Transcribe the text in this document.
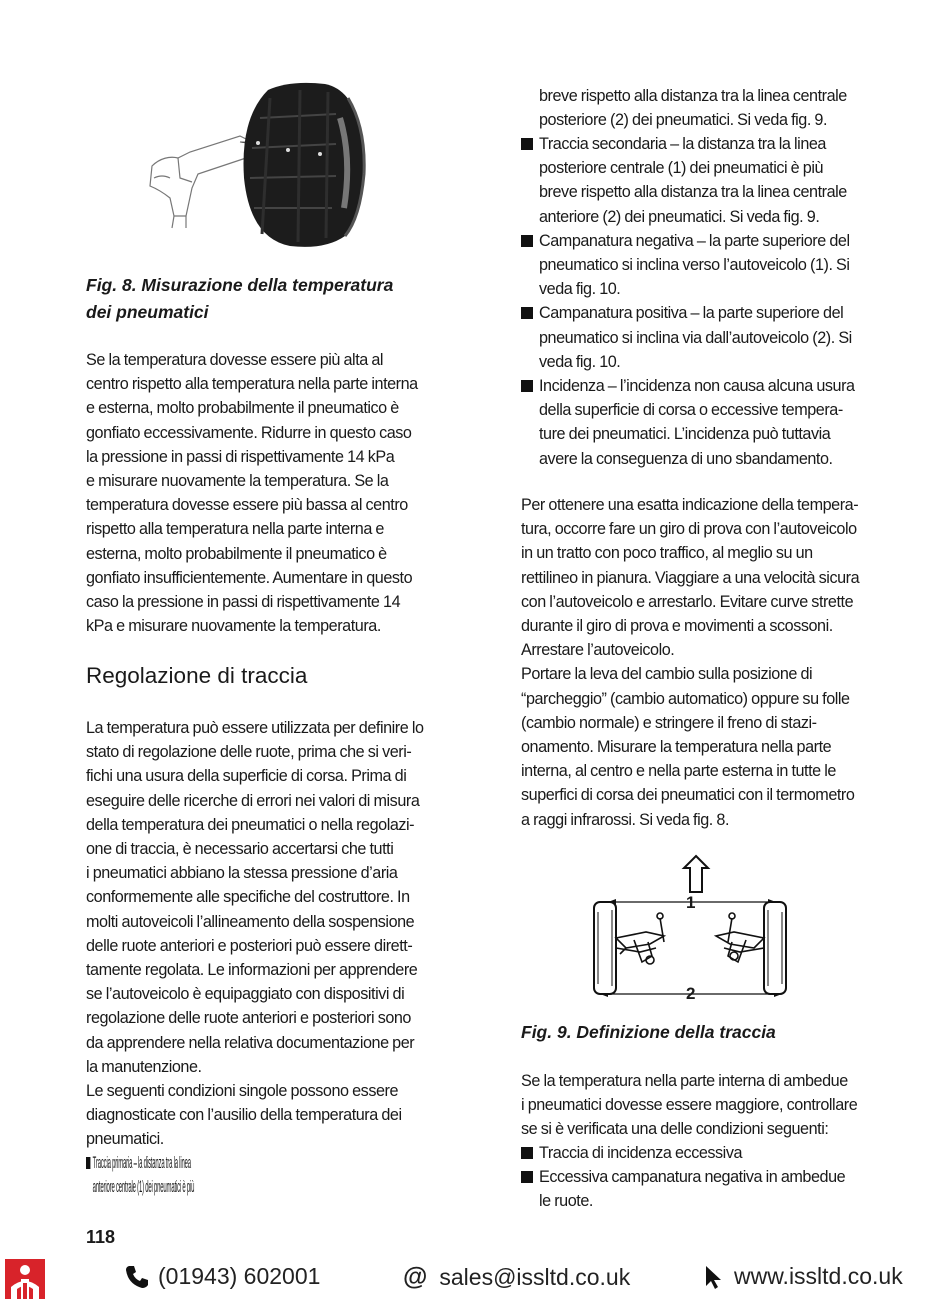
Fig. 8. Misurazione della temperatura
dei pneumatici
Se la temperatura dovesse essere più alta al
centro rispetto alla temperatura nella parte interna
e esterna, molto probabilmente il pneumatico è
gonfiato eccessivamente. Ridurre in questo caso
la pressione in passi di rispettivamente 14 kPa
e misurare nuovamente la temperatura. Se la
temperatura dovesse essere più bassa al centro
rispetto alla temperatura nella parte interna e
esterna, molto probabilmente il pneumatico è
gonfiato insufficientemente. Aumentare in questo
caso la pressione in passi di rispettivamente 14
kPa e misurare nuovamente la temperatura.
Regolazione di traccia
La temperatura può essere utilizzata per definire lo
stato di regolazione delle ruote, prima che si veri-
fichi una usura della superficie di corsa. Prima di
eseguire delle ricerche di errori nei valori di misura
della temperatura dei pneumatici o nella regolazi-
one di traccia, è necessario accertarsi che tutti
i pneumatici abbiano la stessa pressione d’aria
conformemente alle specifiche del costruttore. In
molti autoveicoli l’allineamento della sospensione
delle ruote anteriori e posteriori può essere dirett-
tamente regolata. Le informazioni per apprendere
se l’autoveicolo è equipaggiato con dispositivi di
regolazione delle ruote anteriori e posteriori sono
da apprendere nella relativa documentazione per
la manutenzione.
Le seguenti condizioni singole possono essere
diagnosticate con l’ausilio della temperatura dei
pneumatici.
Traccia primaria – la distanza tra la linea
anteriore centrale (1) dei pneumatici è più
breve rispetto alla distanza tra la linea centrale
posteriore (2) dei pneumatici. Si veda fig. 9.
Traccia secondaria – la distanza tra la linea
posteriore centrale (1) dei pneumatici è più
breve rispetto alla distanza tra la linea centrale
anteriore (2) dei pneumatici. Si veda fig. 9.
Campanatura negativa – la parte superiore del
pneumatico si inclina verso l’autoveicolo (1). Si
veda fig. 10.
Campanatura positiva – la parte superiore del
pneumatico si inclina via dall’autoveicolo (2). Si
veda fig. 10.
Incidenza – l’incidenza non causa alcuna usura
della superficie di corsa o eccessive tempera-
ture dei pneumatici. L’incidenza può tuttavia
avere la conseguenza di uno sbandamento.
Per ottenere una esatta indicazione della tempera-
tura, occorre fare un giro di prova con l’autoveicolo
in un tratto con poco traffico, al meglio su un
rettilineo in pianura. Viaggiare a una velocità sicura
con l’autoveicolo e arrestarlo. Evitare curve strette
durante il giro di prova e movimenti a scossoni.
Arrestare l’autoveicolo.
Portare la leva del cambio sulla posizione di
“parcheggio” (cambio automatico) oppure su folle
(cambio normale) e stringere il freno di stazi-
onamento. Misurare la temperatura nella parte
interna, al centro e nella parte esterna in tutte le
superfici di corsa dei pneumatici con il termometro
a raggi infrarossi. Si veda fig. 8.
1
2
Fig. 9. Definizione della traccia
Se la temperatura nella parte interna di ambedue
i pneumatici dovesse essere maggiore, controllare
se si è verificata una delle condizioni seguenti:
Traccia di incidenza eccessiva
Eccessiva campanatura negativa in ambedue
le ruote.
118
(01943) 602001	@ sales@issltd.co.uk	www.issltd.co.uk
